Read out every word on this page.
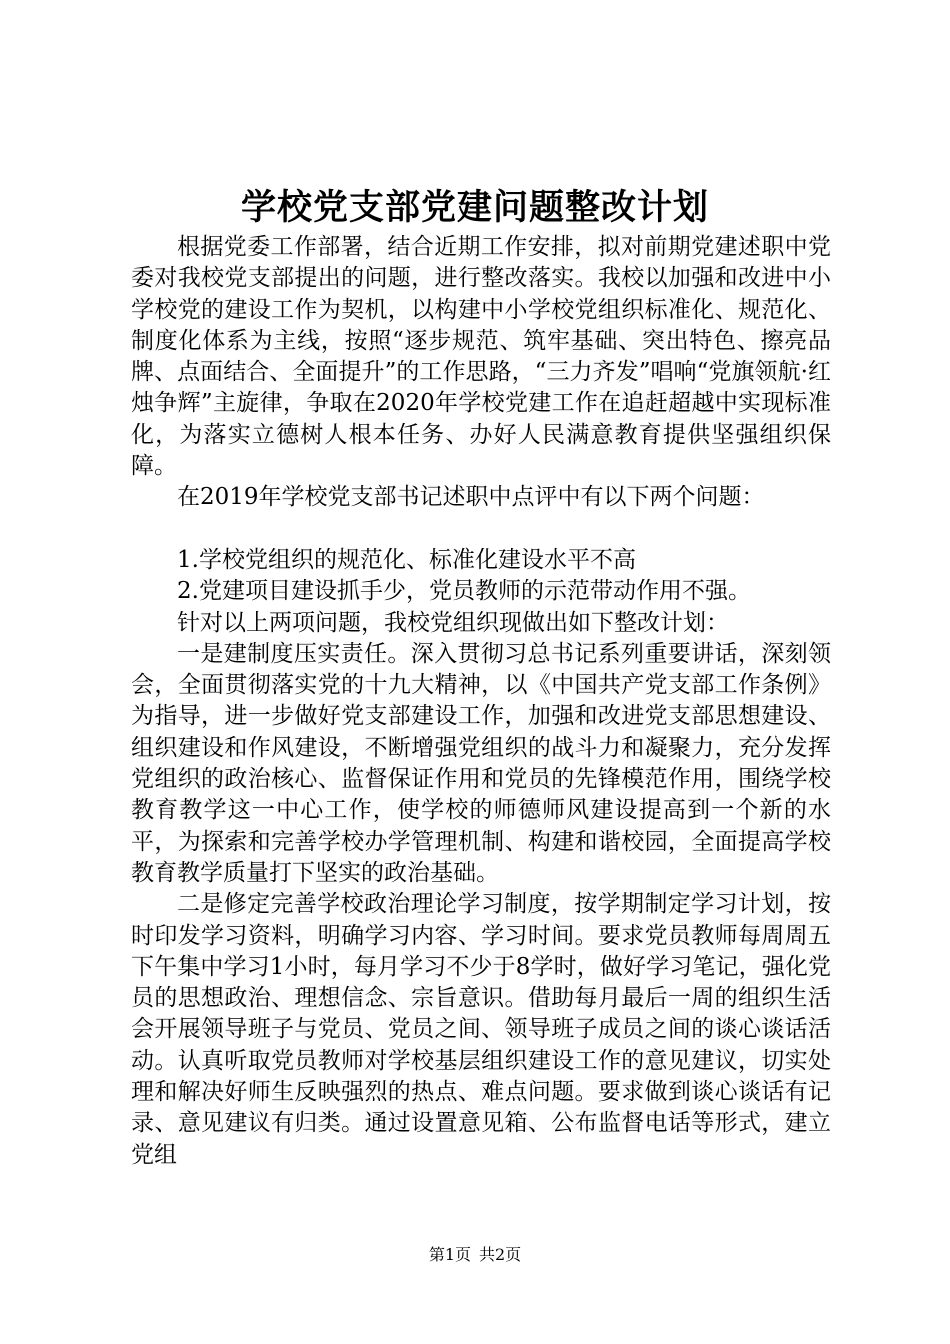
学校党支部党建问题整改计划

根据党委工作部署，结合近期工作安排，拟对前期党建述职中党委对我校党支部提出的问题，进行整改落实。我校以加强和改进中小学校党的建设工作为契机，以构建中小学校党组织标准化、规范化、制度化体系为主线，按照“逐步规范、筑牢基础、突出特色、擦亮品牌、点面结合、全面提升”的工作思路，“三力齐发”唱响“党旗领航·红烛争辉”主旋律，争取在2020年学校党建工作在追赶超越中实现标准化，为落实立德树人根本任务、办好人民满意教育提供坚强组织保障。

在2019年学校党支部书记述职中点评中有以下两个问题：

1.学校党组织的规范化、标准化建设水平不高

2.党建项目建设抓手少，党员教师的示范带动作用不强。

针对以上两项问题，我校党组织现做出如下整改计划：

一是建制度压实责任。深入贯彻习总书记系列重要讲话，深刻领会，全面贯彻落实党的十九大精神，以《中国共产党支部工作条例》为指导，进一步做好党支部建设工作，加强和改进党支部思想建设、组织建设和作风建设，不断增强党组织的战斗力和凝聚力，充分发挥党组织的政治核心、监督保证作用和党员的先锋模范作用，围绕学校教育教学这一中心工作，使学校的师德师风建设提高到一个新的水平，为探索和完善学校办学管理机制、构建和谐校园，全面提高学校教育教学质量打下坚实的政治基础。

二是修定完善学校政治理论学习制度，按学期制定学习计划，按时印发学习资料，明确学习内容、学习时间。要求党员教师每周周五下午集中学习1小时，每月学习不少于8学时，做好学习笔记，强化党员的思想政治、理想信念、宗旨意识。借助每月最后一周的组织生活会开展领导班子与党员、党员之间、领导班子成员之间的谈心谈话活动。认真听取党员教师对学校基层组织建设工作的意见建议，切实处理和解决好师生反映强烈的热点、难点问题。要求做到谈心谈话有记录、意见建议有归类。通过设置意见箱、公布监督电话等形式，建立党组

第1页 共2页
